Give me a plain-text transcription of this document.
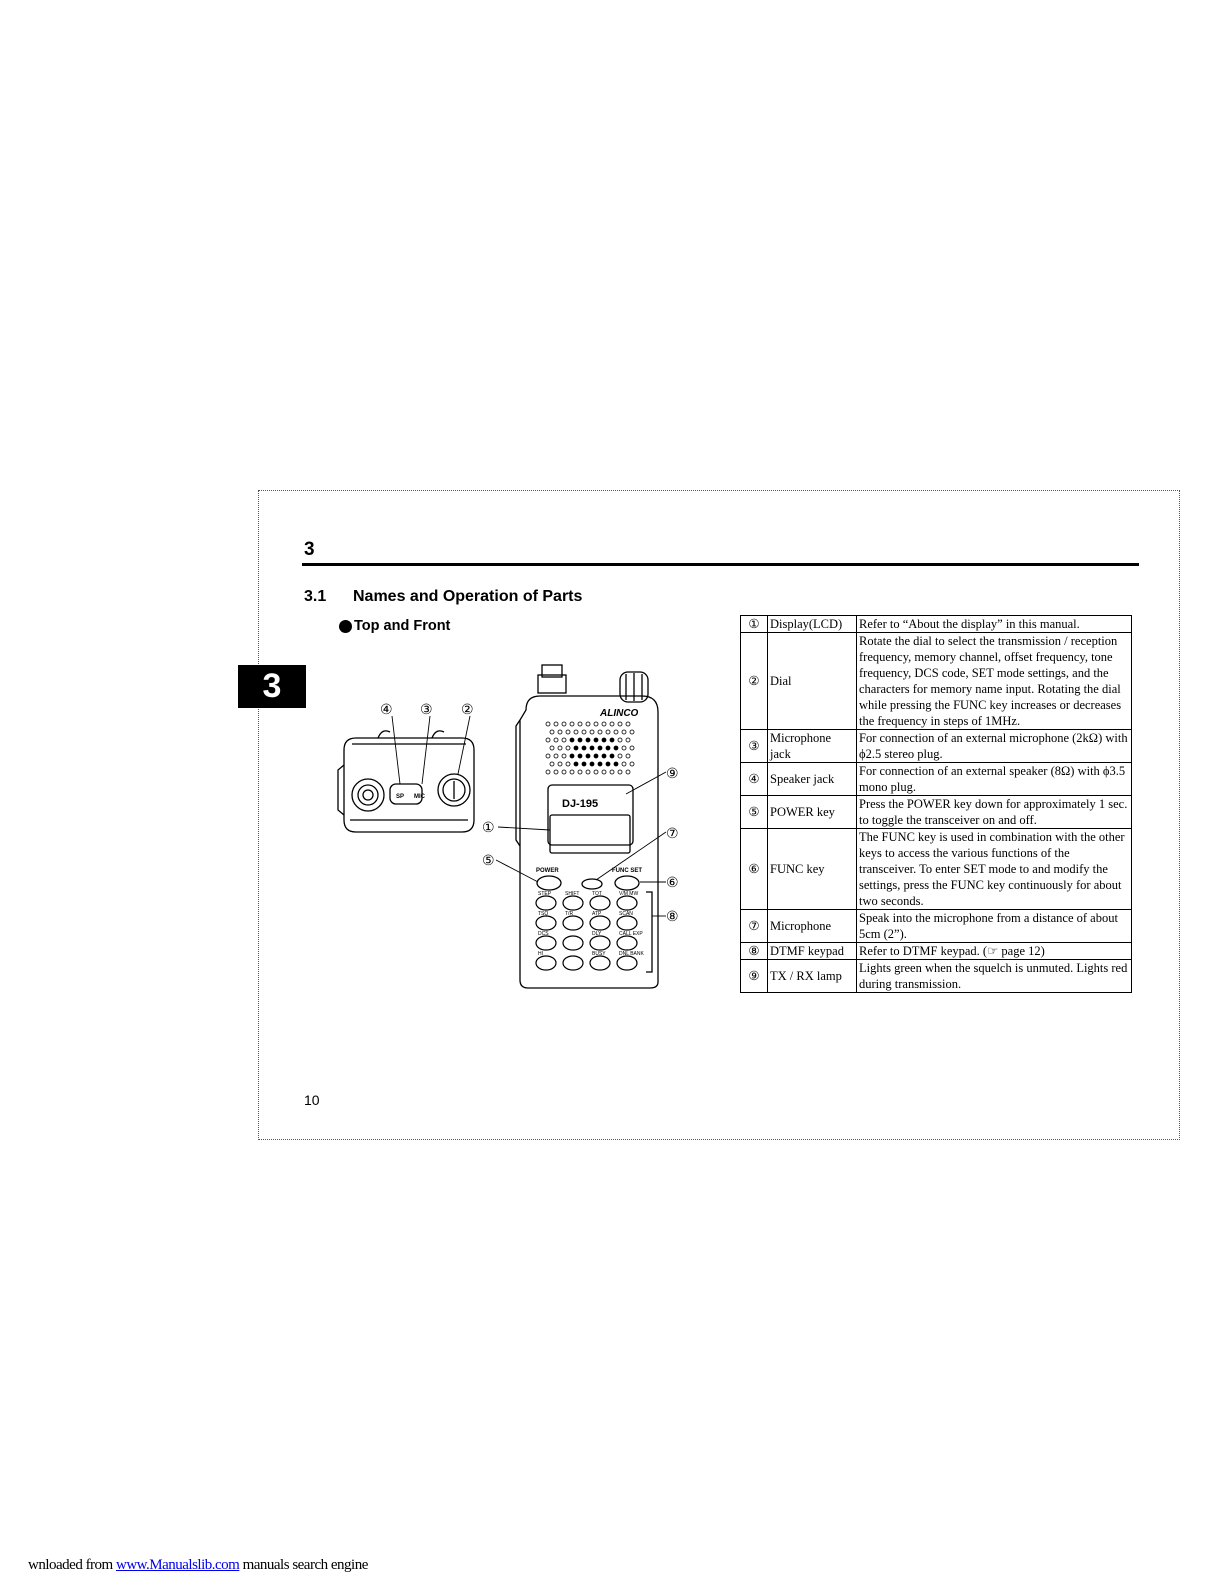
3
3.1 Names and Operation of Parts
Top and Front
3
STEP	SHIFT	TOT	V/M MW
TSQ	T/R	ATP	SCAN
DCS	DLY	CALL EXP
HI	BUSY	DNL BANK
ALINCO
DJ-195
SP MIC
POWER	FUNC SET
④ ③ ②
⑨
①	⑦
⑤
⑥
⑧
①	Display(LCD)	Refer to “About the display” in this manual.
②	Dial	Rotate the dial to select the transmission / reception frequency, memory channel, offset frequency, tone frequency, DCS code, SET mode settings, and the characters for memory name input. Rotating the dial while pressing the FUNC key increases or decreases the frequency in steps of 1MHz.
③	Microphone jack	For connection of an external microphone (2kΩ) with ϕ2.5 stereo plug.
④	Speaker jack	For connection of an external speaker (8Ω) with ϕ3.5 mono plug.
⑤	POWER key	Press the POWER key down for approximately 1 sec. to toggle the transceiver on and off.
⑥	FUNC key	The FUNC key is used in combination with the other keys to access the various functions of the transceiver. To enter SET mode to and modify the settings, press the FUNC key continuously for about two seconds.
⑦	Microphone	Speak into the microphone from a distance of about 5cm (2”).
⑧	DTMF keypad	Refer to DTMF keypad. (☞ page 12)
⑨	TX / RX lamp	Lights green when the squelch is unmuted. Lights red during transmission.
10
wnloaded from www.Manualslib.com manuals search engine
